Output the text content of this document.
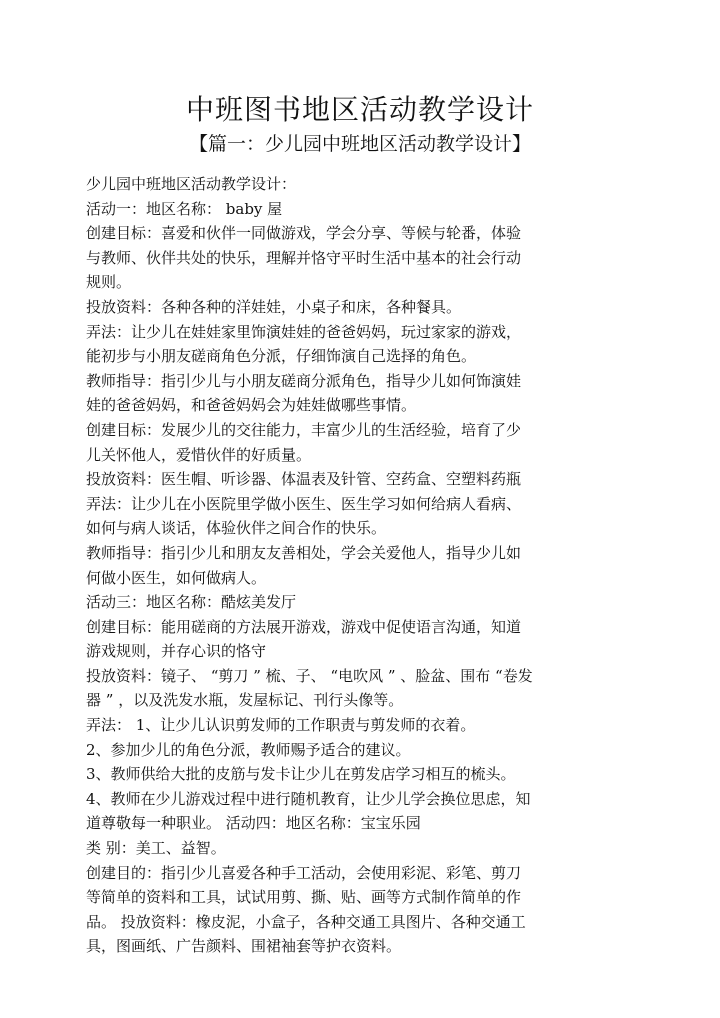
中班图书地区活动教学设计
【篇一：少儿园中班地区活动教学设计】
少儿园中班地区活动教学设计：
活动一：地区名称： baby 屋
创建目标：喜爱和伙伴一同做游戏，学会分享、等候与轮番，体验
与教师、伙伴共处的快乐，理解并恪守平时生活中基本的社会行动
规则。
投放资料：各种各种的洋娃娃，小桌子和床，各种餐具。
弄法：让少儿在娃娃家里饰演娃娃的爸爸妈妈，玩过家家的游戏，
能初步与小朋友磋商角色分派，仔细饰演自己选择的角色。
教师指导：指引少儿与小朋友磋商分派角色，指导少儿如何饰演娃
娃的爸爸妈妈，和爸爸妈妈会为娃娃做哪些事情。
创建目标：发展少儿的交往能力，丰富少儿的生活经验，培育了少
儿关怀他人，爱惜伙伴的好质量。
投放资料：医生帽、听诊器、体温表及针管、空药盒、空塑料药瓶
弄法：让少儿在小医院里学做小医生、医生学习如何给病人看病、
如何与病人谈话，体验伙伴之间合作的快乐。
教师指导：指引少儿和朋友友善相处，学会关爱他人，指导少儿如
何做小医生，如何做病人。
活动三：地区名称：酷炫美发厅
创建目标：能用磋商的方法展开游戏，游戏中促使语言沟通，知道
游戏规则，并存心识的恪守
投放资料：镜子、 “剪刀 ” 梳、子、 “电吹风 ” 、脸盆、围布 “卷发
器 ” ，以及洗发水瓶，发屋标记、刊行头像等。
弄法： 1、让少儿认识剪发师的工作职责与剪发师的衣着。
2、参加少儿的角色分派，教师赐予适合的建议。
3、教师供给大批的皮筋与发卡让少儿在剪发店学习相互的梳头。
4、教师在少儿游戏过程中进行随机教育，让少儿学会换位思虑，知
道尊敬每一种职业。 活动四：地区名称：宝宝乐园
类 别：美工、益智。
创建目的：指引少儿喜爱各种手工活动，会使用彩泥、彩笔、剪刀
等简单的资料和工具，试试用剪、撕、贴、画等方式制作简单的作
品。 投放资料：橡皮泥，小盒子，各种交通工具图片、各种交通工
具，图画纸、广告颜料、围裙袖套等护衣资料。
